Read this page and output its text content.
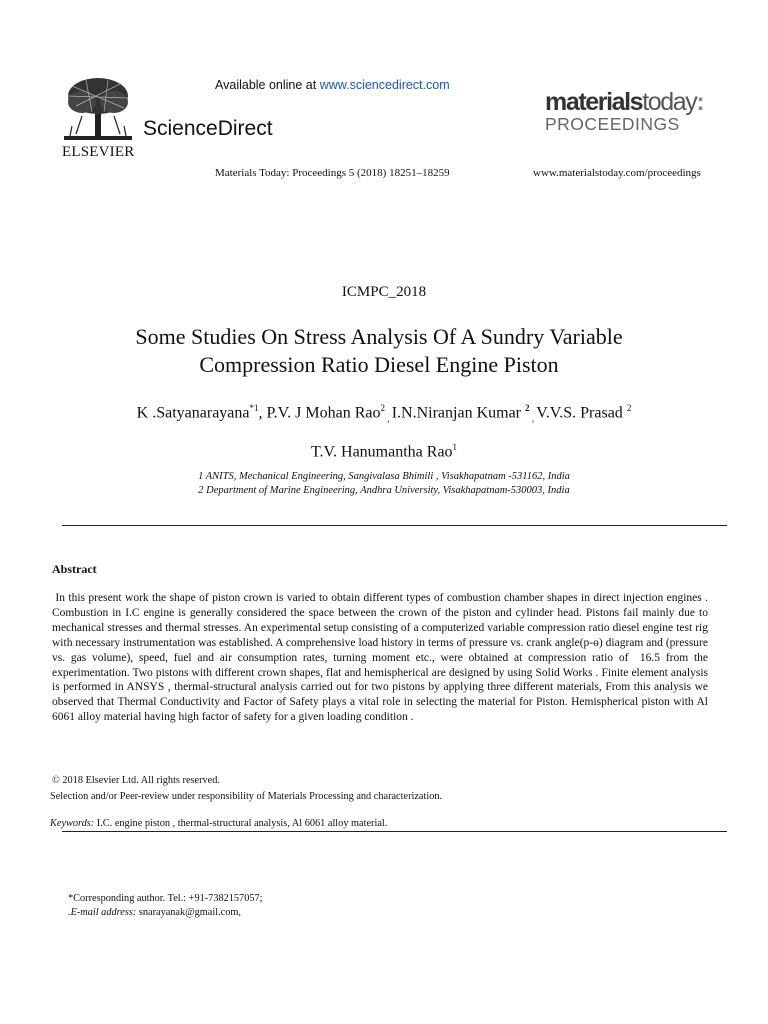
ELSEVIER
Available online at www.sciencedirect.com
ScienceDirect
Materials Today: Proceedings 5 (2018) 18251–18259	www.materialstoday.com/proceedings
materialstoday:
PROCEEDINGS
ICMPC_2018
Some Studies On Stress Analysis Of A Sundry Variable
Compression Ratio Diesel Engine Piston
K .Satyanarayana$^{*1}$, P.V. J Mohan Rao$^2$ $_,$ I.N.Niranjan Kumar $^2$ $_,$ V.V.S. Prasad $^2$
T.V. Hanumantha Rao$^1$
1 ANITS, Mechanical Engineering, Sangivalasa Bhimili , Visakhapatnam -531162, India
2 Department of Marine Engineering, Andhra University, Visakhapatnam-530003, India
Abstract
In this present work the shape of piston crown is varied to obtain different types of combustion chamber shapes in direct injection engines . Combustion in I.C engine is generally considered the space between the crown of the piston and cylinder head. Pistons fail mainly due to mechanical stresses and thermal stresses. An experimental setup consisting of a computerized variable compression ratio diesel engine test rig with necessary instrumentation was established. A comprehensive load history in terms of pressure vs. crank angle(p-ɵ) diagram and (pressure vs. gas volume), speed, fuel and air consumption rates, turning moment etc., were obtained at compression ratio of  16.5 from the experimentation. Two pistons with different crown shapes, flat and hemispherical are designed by using Solid Works . Finite element analysis is performed in ANSYS , thermal-structural analysis carried out for two pistons by applying three different materials, From this analysis we observed that Thermal Conductivity and Factor of Safety plays a vital role in selecting the material for Piston. Hemispherical piston with Al 6061 alloy material having high factor of safety for a given loading condition .
© 2018 Elsevier Ltd. All rights reserved.
Selection and/or Peer-review under responsibility of Materials Processing and characterization.
Keywords: I.C. engine piston , thermal-structural analysis, Al 6061 alloy material.
*Corresponding author. Tel.: +91-7382157057;
.E-mail address: snarayanak@gmail.com,
